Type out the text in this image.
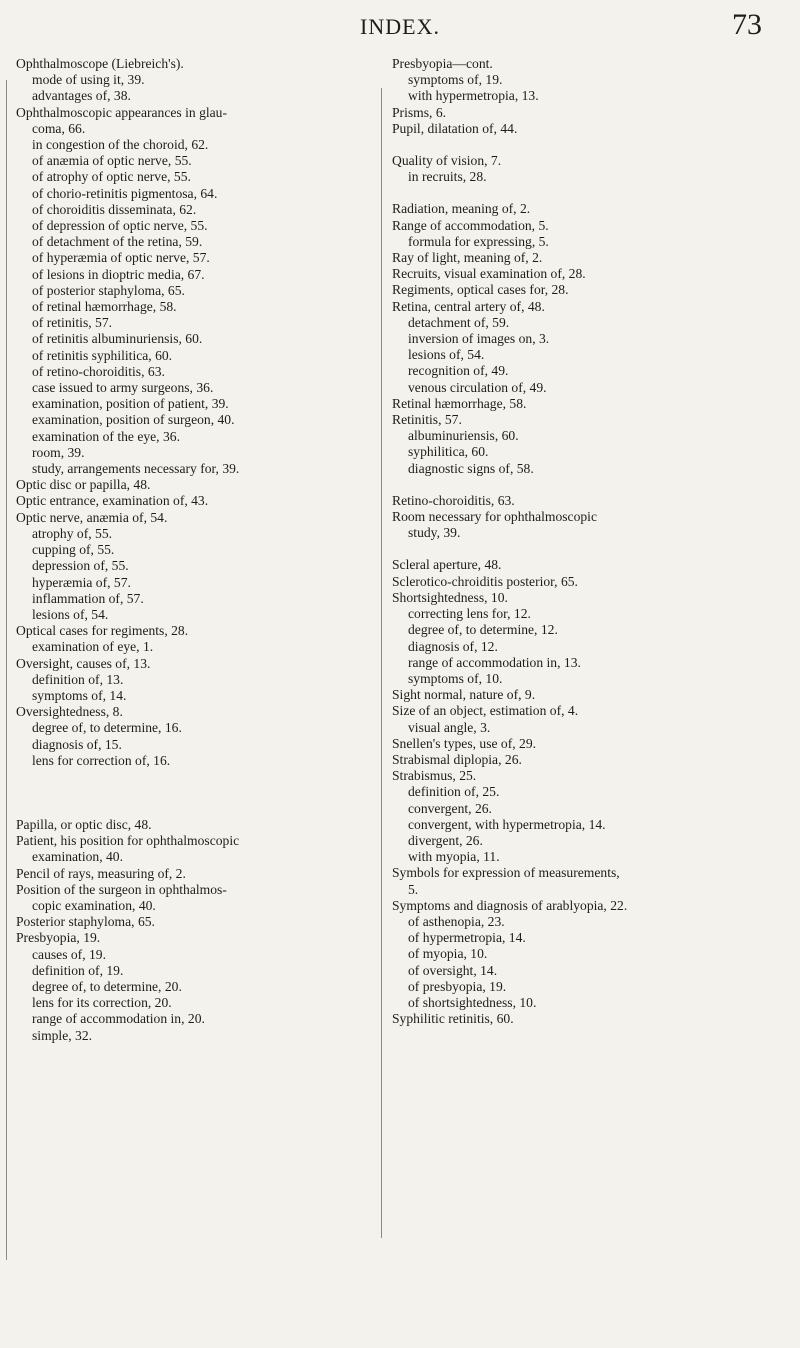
INDEX.	73
Ophthalmoscope (Liebreich's).
mode of using it, 39.
advantages of, 38.
Ophthalmoscopic appearances in glau-
coma, 66.
in congestion of the choroid, 62.
of anæmia of optic nerve, 55.
of atrophy of optic nerve, 55.
of chorio-retinitis pigmentosa, 64.
of choroiditis disseminata, 62.
of depression of optic nerve, 55.
of detachment of the retina, 59.
of hyperæmia of optic nerve, 57.
of lesions in dioptric media, 67.
of posterior staphyloma, 65.
of retinal hæmorrhage, 58.
of retinitis, 57.
of retinitis albuminuriensis, 60.
of retinitis syphilitica, 60.
of retino-choroiditis, 63.
case issued to army surgeons, 36.
examination, position of patient, 39.
examination, position of surgeon, 40.
examination of the eye, 36.
room, 39.
study, arrangements necessary for, 39.
Optic disc or papilla, 48.
Optic entrance, examination of, 43.
Optic nerve, anæmia of, 54.
atrophy of, 55.
cupping of, 55.
depression of, 55.
hyperæmia of, 57.
inflammation of, 57.
lesions of, 54.
Optical cases for regiments, 28.
examination of eye, 1.
Oversight, causes of, 13.
definition of, 13.
symptoms of, 14.
Oversightedness, 8.
degree of, to determine, 16.
diagnosis of, 15.
lens for correction of, 16.
Papilla, or optic disc, 48.
Patient, his position for ophthalmoscopic
examination, 40.
Pencil of rays, measuring of, 2.
Position of the surgeon in ophthalmos-
copic examination, 40.
Posterior staphyloma, 65.
Presbyopia, 19.
causes of, 19.
definition of, 19.
degree of, to determine, 20.
lens for its correction, 20.
range of accommodation in, 20.
simple, 32.
Presbyopia—cont.
symptoms of, 19.
with hypermetropia, 13.
Prisms, 6.
Pupil, dilatation of, 44.
Quality of vision, 7.
in recruits, 28.
Radiation, meaning of, 2.
Range of accommodation, 5.
formula for expressing, 5.
Ray of light, meaning of, 2.
Recruits, visual examination of, 28.
Regiments, optical cases for, 28.
Retina, central artery of, 48.
detachment of, 59.
inversion of images on, 3.
lesions of, 54.
recognition of, 49.
venous circulation of, 49.
Retinal hæmorrhage, 58.
Retinitis, 57.
albuminuriensis, 60.
syphilitica, 60.
diagnostic signs of, 58.
Retino-choroiditis, 63.
Room necessary for ophthalmoscopic
study, 39.
Scleral aperture, 48.
Sclerotico-chroiditis posterior, 65.
Shortsightedness, 10.
correcting lens for, 12.
degree of, to determine, 12.
diagnosis of, 12.
range of accommodation in, 13.
symptoms of, 10.
Sight normal, nature of, 9.
Size of an object, estimation of, 4.
visual angle, 3.
Snellen's types, use of, 29.
Strabismal diplopia, 26.
Strabismus, 25.
definition of, 25.
convergent, 26.
convergent, with hypermetropia, 14.
divergent, 26.
with myopia, 11.
Symbols for expression of measurements,
5.
Symptoms and diagnosis of arablyopia, 22.
of asthenopia, 23.
of hypermetropia, 14.
of myopia, 10.
of oversight, 14.
of presbyopia, 19.
of shortsightedness, 10.
Syphilitic retinitis, 60.
